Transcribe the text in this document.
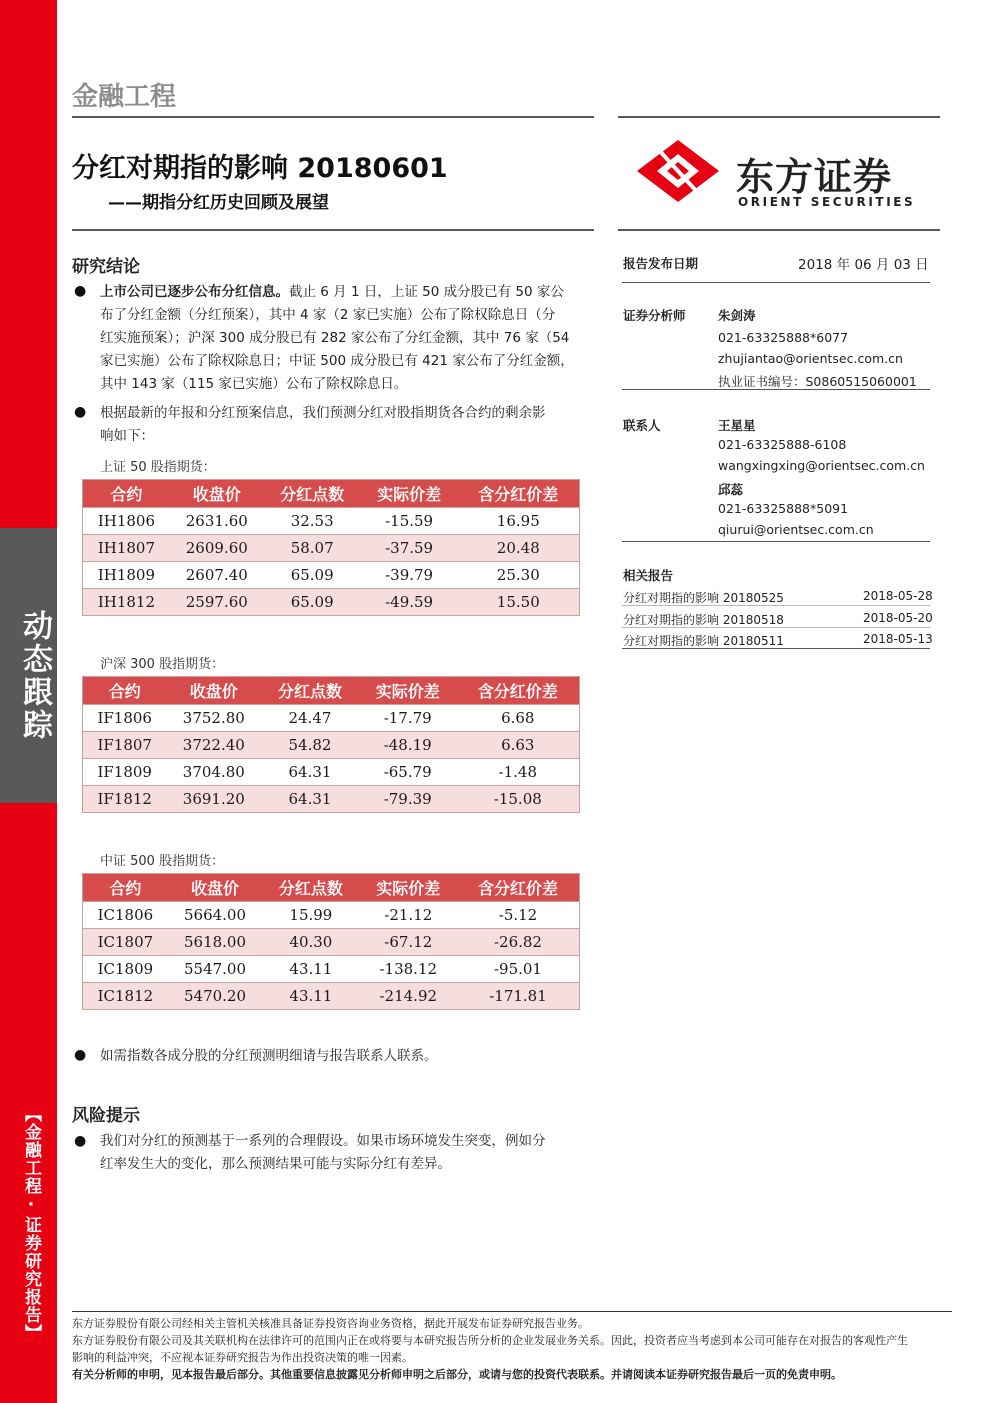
动态跟踪
【金融工程·证券研究报告】
金融工程
分红对期指的影响 20180601
——期指分红历史回顾及展望
东方证券
ORIENT SECURITIES
研究结论
● 上市公司已逐步公布分红信息。截止 6 月 1 日，上证 50 成分股已有 50 家公
布了分红金额（分红预案），其中 4 家（2 家已实施）公布了除权除息日（分
红实施预案）；沪深 300 成分股已有 282 家公布了分红金额，其中 76 家（54
家已实施）公布了除权除息日；中证 500 成分股已有 421 家公布了分红金额，
其中 143 家（115 家已实施）公布了除权除息日。
● 根据最新的年报和分红预案信息，我们预测分红对股指期货各合约的剩余影
响如下：
上证 50 股指期货：
合约	收盘价	分红点数	实际价差	含分红价差
IH1806	2631.60	32.53	-15.59	16.95
IH1807	2609.60	58.07	-37.59	20.48
IH1809	2607.40	65.09	-39.79	25.30
IH1812	2597.60	65.09	-49.59	15.50
沪深 300 股指期货：
合约	收盘价	分红点数	实际价差	含分红价差
IF1806	3752.80	24.47	-17.79	6.68
IF1807	3722.40	54.82	-48.19	6.63
IF1809	3704.80	64.31	-65.79	-1.48
IF1812	3691.20	64.31	-79.39	-15.08
中证 500 股指期货：
合约	收盘价	分红点数	实际价差	含分红价差
IC1806	5664.00	15.99	-21.12	-5.12
IC1807	5618.00	40.30	-67.12	-26.82
IC1809	5547.00	43.11	-138.12	-95.01
IC1812	5470.20	43.11	-214.92	-171.81
● 如需指数各成分股的分红预测明细请与报告联系人联系。
风险提示
● 我们对分红的预测基于一系列的合理假设。如果市场环境发生突变，例如分
红率发生大的变化，那么预测结果可能与实际分红有差异。
报告发布日期	2018 年 06 月 03 日
证券分析师	朱剑涛
021-63325888*6077
zhujiantao@orientsec.com.cn
执业证书编号：S0860515060001
联系人	王星星
021-63325888-6108
wangxingxing@orientsec.com.cn
邱蕊
021-63325888*5091
qiurui@orientsec.com.cn
相关报告
分红对期指的影响 20180525	2018-05-28
分红对期指的影响 20180518	2018-05-20
分红对期指的影响 20180511	2018-05-13
东方证券股份有限公司经相关主管机关核准具备证券投资咨询业务资格，据此开展发布证券研究报告业务。
东方证券股份有限公司及其关联机构在法律许可的范围内正在或将要与本研究报告所分析的企业发展业务关系。因此，投资者应当考虑到本公司可能存在对报告的客观性产生
影响的利益冲突，不应视本证券研究报告为作出投资决策的唯一因素。
有关分析师的申明，见本报告最后部分。其他重要信息披露见分析师申明之后部分，或请与您的投资代表联系。并请阅读本证券研究报告最后一页的免责申明。
